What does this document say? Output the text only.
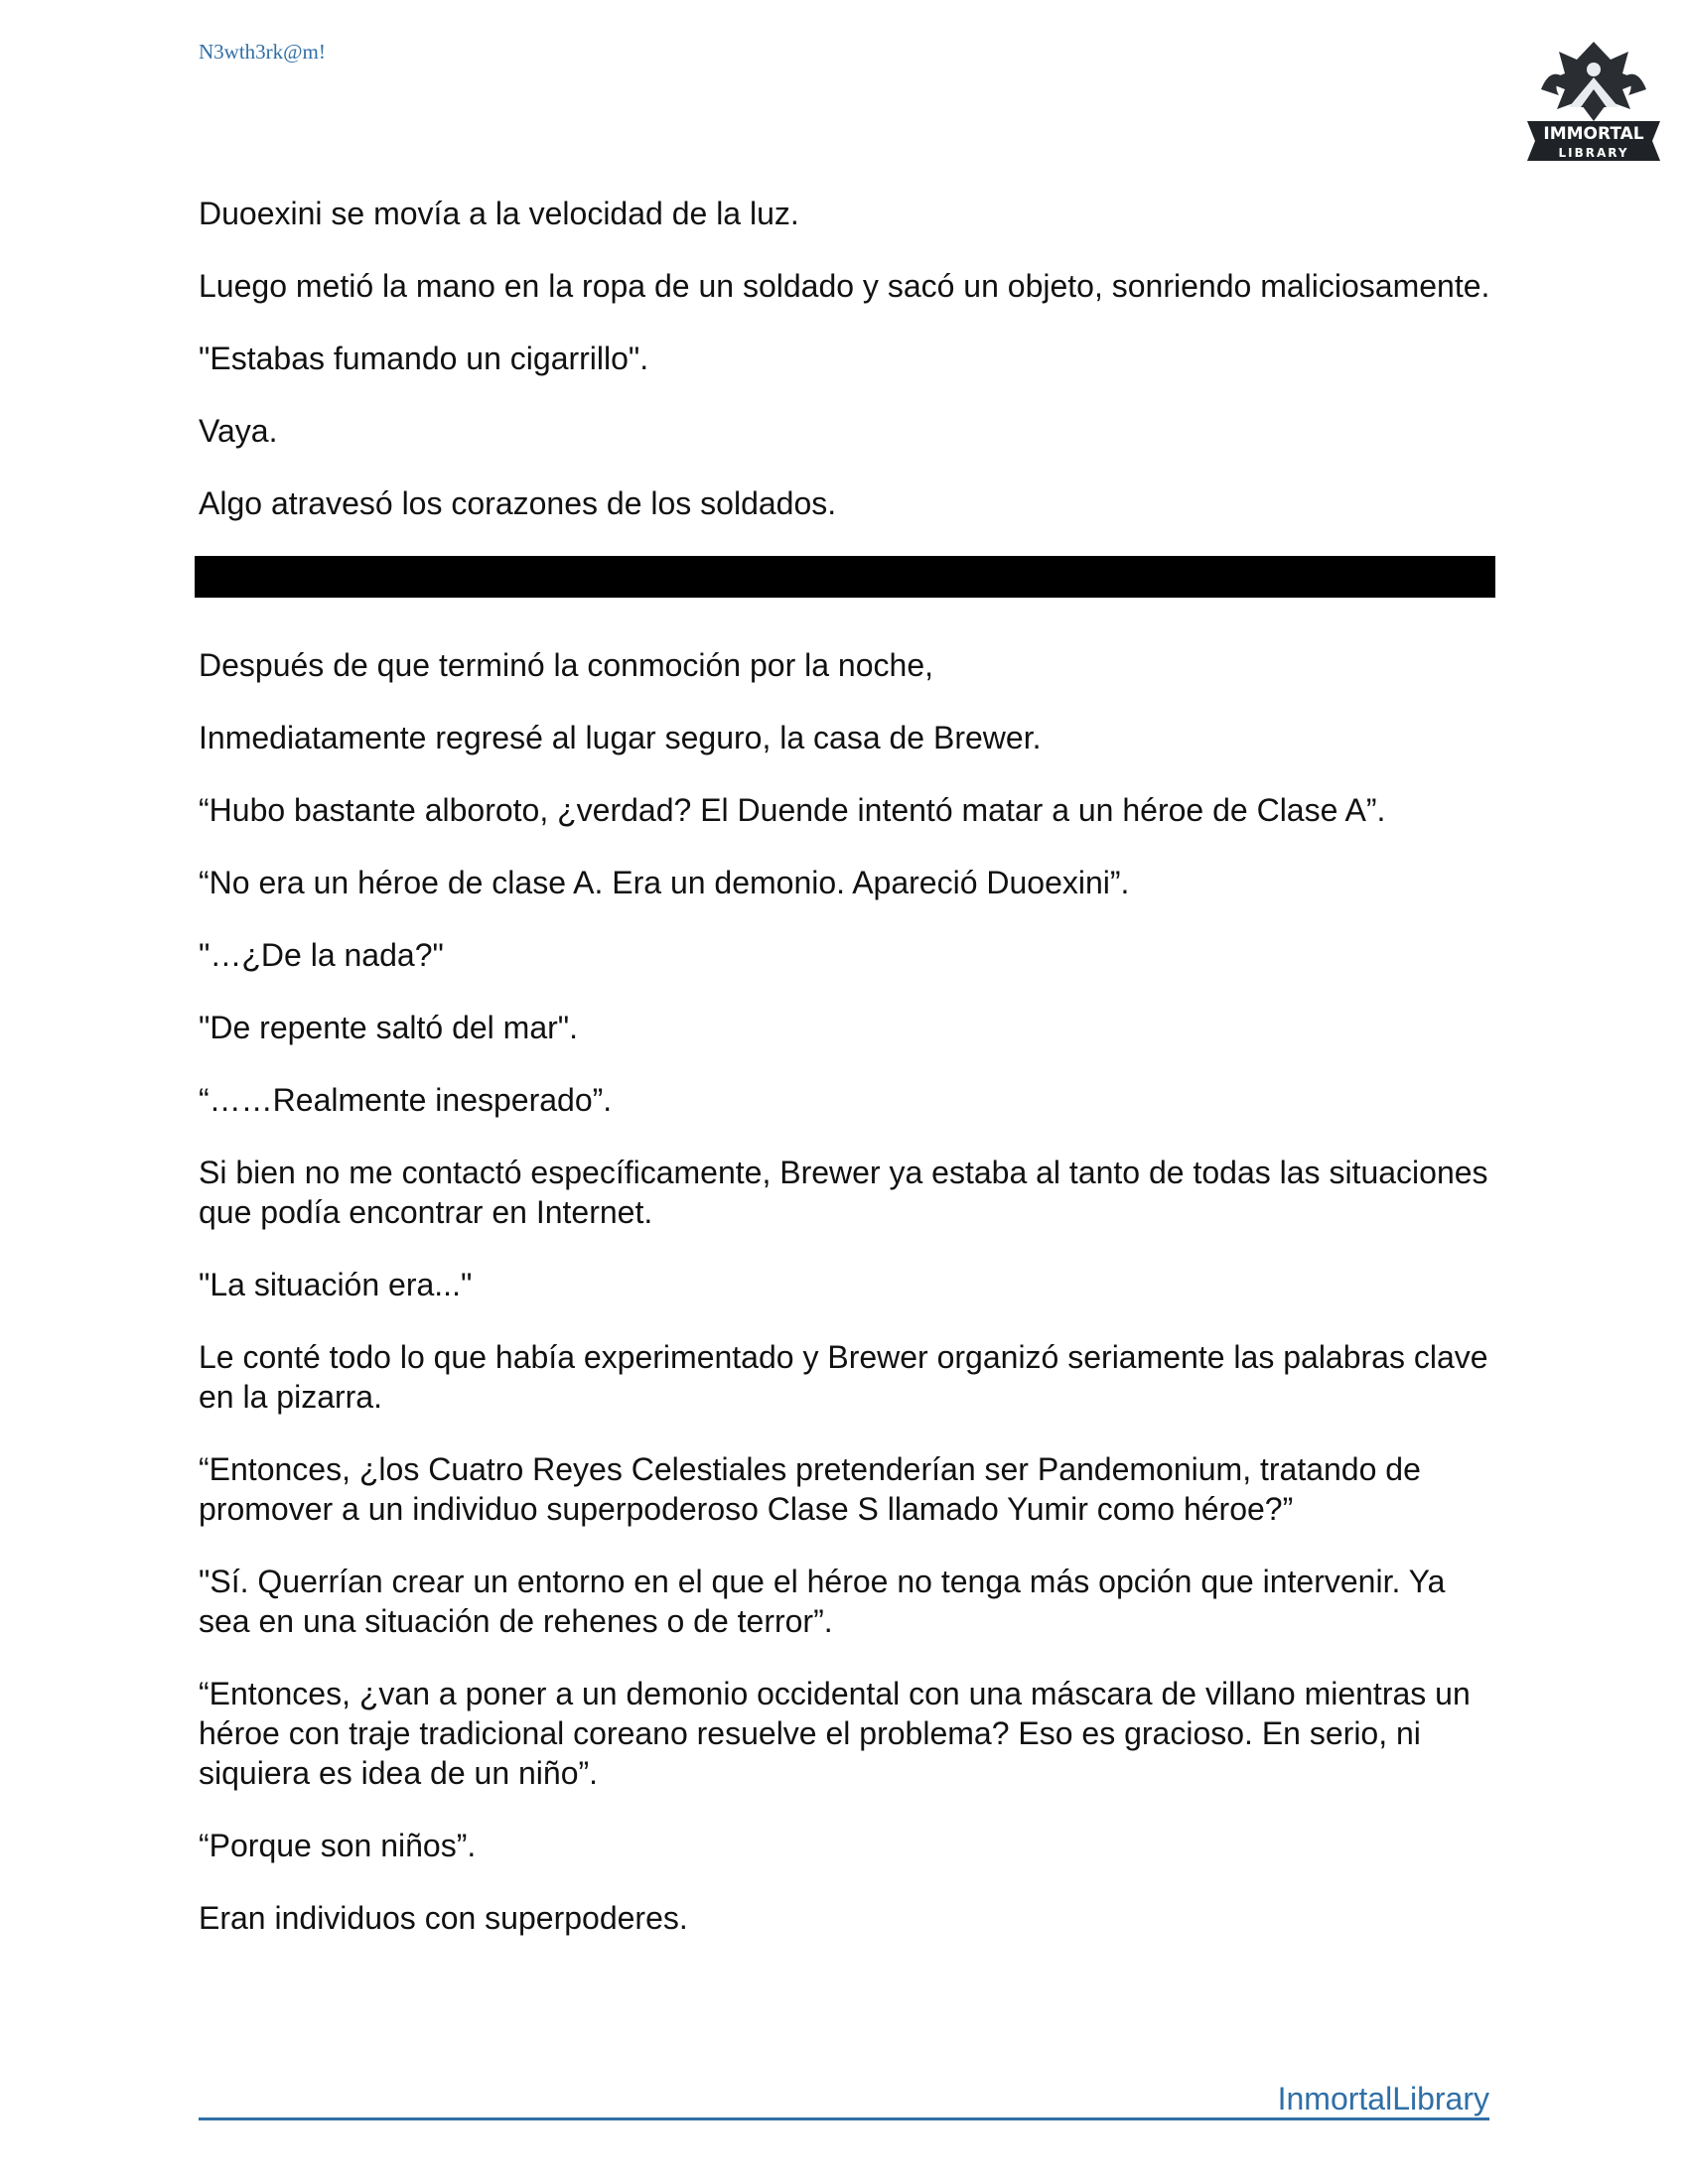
N3wth3rk@m!
IMMORTAL
LIBRARY

Duoexini se movía a la velocidad de la luz.

Luego metió la mano en la ropa de un soldado y sacó un objeto, sonriendo maliciosamente.

"Estabas fumando un cigarrillo".

Vaya.

Algo atravesó los corazones de los soldados.

Después de que terminó la conmoción por la noche,

Inmediatamente regresé al lugar seguro, la casa de Brewer.

“Hubo bastante alboroto, ¿verdad? El Duende intentó matar a un héroe de Clase A”.

“No era un héroe de clase A. Era un demonio. Apareció Duoexini”.

"…¿De la nada?"

"De repente saltó del mar".

“……Realmente inesperado”.

Si bien no me contactó específicamente, Brewer ya estaba al tanto de todas las situaciones que podía encontrar en Internet.

"La situación era..."

Le conté todo lo que había experimentado y Brewer organizó seriamente las palabras clave en la pizarra.

“Entonces, ¿los Cuatro Reyes Celestiales pretenderían ser Pandemonium, tratando de promover a un individuo superpoderoso Clase S llamado Yumir como héroe?”

"Sí. Querrían crear un entorno en el que el héroe no tenga más opción que intervenir. Ya sea en una situación de rehenes o de terror”.

“Entonces, ¿van a poner a un demonio occidental con una máscara de villano mientras un héroe con traje tradicional coreano resuelve el problema? Eso es gracioso. En serio, ni siquiera es idea de un niño”.

“Porque son niños”.

Eran individuos con superpoderes.

InmortalLibrary
